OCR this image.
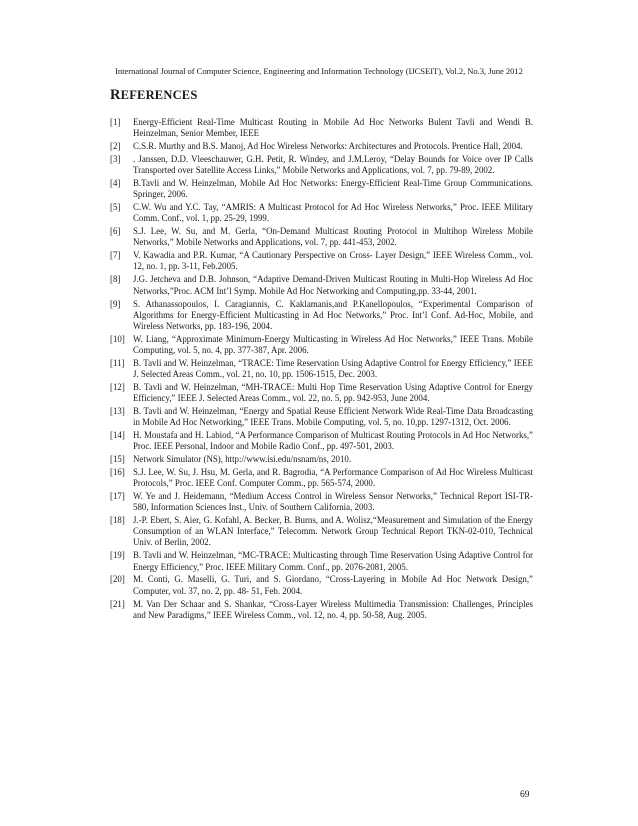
International Journal of Computer Science, Engineering and Information Technology (IJCSEIT), Vol.2, No.3, June 2012
REFERENCES
[1] Energy-Efficient Real-Time Multicast Routing in Mobile Ad Hoc Networks Bulent Tavli and Wendi B. Heinzelman, Senior Member, IEEE
[2] C.S.R. Murthy and B.S. Manoj, Ad Hoc Wireless Networks: Architectures and Protocols. Prentice Hall, 2004.
[3] . Janssen, D.D. Vleeschauwer, G.H. Petit, R. Windey, and J.M.Leroy, “Delay Bounds for Voice over IP Calls Transported over Satellite Access Links,” Mobile Networks and Applications, vol. 7, pp. 79-89, 2002.
[4] B.Tavli and W. Heinzelman, Mobile Ad Hoc Networks: Energy-Efficient Real-Time Group Communications. Springer, 2006.
[5] C.W. Wu and Y.C. Tay, “AMRIS: A Multicast Protocol for Ad Hoc Wireless Networks,” Proc. IEEE Military Comm. Conf., vol. 1, pp. 25-29, 1999.
[6] S.J. Lee, W. Su, and M. Gerla, “On-Demand Multicast Routing Protocol in Multihop Wireless Mobile Networks,” Mobile Networks and Applications, vol. 7, pp. 441-453, 2002.
[7] V. Kawadia and P.R. Kumar, “A Cautionary Perspective on Cross- Layer Design,” IEEE Wireless Comm., vol. 12, no. 1, pp. 3-11, Feb.2005.
[8] J.G. Jetcheva and D.B. Johnson, “Adaptive Demand-Driven Multicast Routing in Multi-Hop Wireless Ad Hoc Networks,”Proc. ACM Int’l Symp. Mobile Ad Hoc Networking and Computing,pp. 33-44, 2001.
[9] S. Athanassopoulos, I. Caragiannis, C. Kaklamanis,and P.Kanellopoulos, “Experimental Comparison of Algorithms for Energy-Efficient Multicasting in Ad Hoc Networks,” Proc. Int’l Conf. Ad-Hoc, Mobile, and Wireless Networks, pp. 183-196, 2004.
[10] W. Liang, “Approximate Minimum-Energy Multicasting in Wireless Ad Hoc Networks,” IEEE Trans. Mobile Computing, vol. 5, no. 4, pp. 377-387, Apr. 2006.
[11] B. Tavli and W. Heinzelman, “TRACE: Time Reservation Using Adaptive Control for Energy Efficiency,” IEEE J. Selected Areas Comm., vol. 21, no. 10, pp. 1506-1515, Dec. 2003.
[12] B. Tavli and W. Heinzelman, “MH-TRACE: Multi Hop Time Reservation Using Adaptive Control for Energy Efficiency,” IEEE J. Selected Areas Comm., vol. 22, no. 5, pp. 942-953, June 2004.
[13] B. Tavli and W. Heinzelman, “Energy and Spatial Reuse Efficient Network Wide Real-Time Data Broadcasting in Mobile Ad Hoc Networking,” IEEE Trans. Mobile Computing, vol. 5, no. 10,pp. 1297-1312, Oct. 2006.
[14] H. Moustafa and H. Labiod, “A Performance Comparison of Multicast Routing Protocols in Ad Hoc Networks,” Proc. IEEE Personal, Indoor and Mobile Radio Conf., pp. 497-501, 2003.
[15] Network Simulator (NS), http://www.isi.edu/nsnam/ns, 2010.
[16] S.J. Lee, W. Su, J. Hsu, M. Gerla, and R. Bagrodia, “A Performance Comparison of Ad Hoc Wireless Multicast Protocols,” Proc. IEEE Conf. Computer Comm., pp. 565-574, 2000.
[17] W. Ye and J. Heidemann, “Medium Access Control in Wireless Sensor Networks,” Technical Report ISI-TR-580, Information Sciences Inst., Univ. of Southern California, 2003.
[18] J.-P. Ebert, S. Aier, G. Kofahl, A. Becker, B. Burns, and A. Wolisz,“Measurement and Simulation of the Energy Consumption of an WLAN Interface,” Telecomm. Network Group Technical Report TKN-02-010, Technical Univ. of Berlin, 2002.
[19] B. Tavli and W. Heinzelman, “MC-TRACE: Multicasting through Time Reservation Using Adaptive Control for Energy Efficiency,” Proc. IEEE Military Comm. Conf., pp. 2076-2081, 2005.
[20] M. Conti, G. Maselli, G. Turi, and S. Giordano, “Cross-Layering in Mobile Ad Hoc Network Design,” Computer, vol. 37, no. 2, pp. 48- 51, Feb. 2004.
[21] M. Van Der Schaar and S. Shankar, “Cross-Layer Wireless Multimedia Transmission: Challenges, Principles and New Paradigms,” IEEE Wireless Comm., vol. 12, no. 4, pp. 50-58, Aug. 2005.
69
